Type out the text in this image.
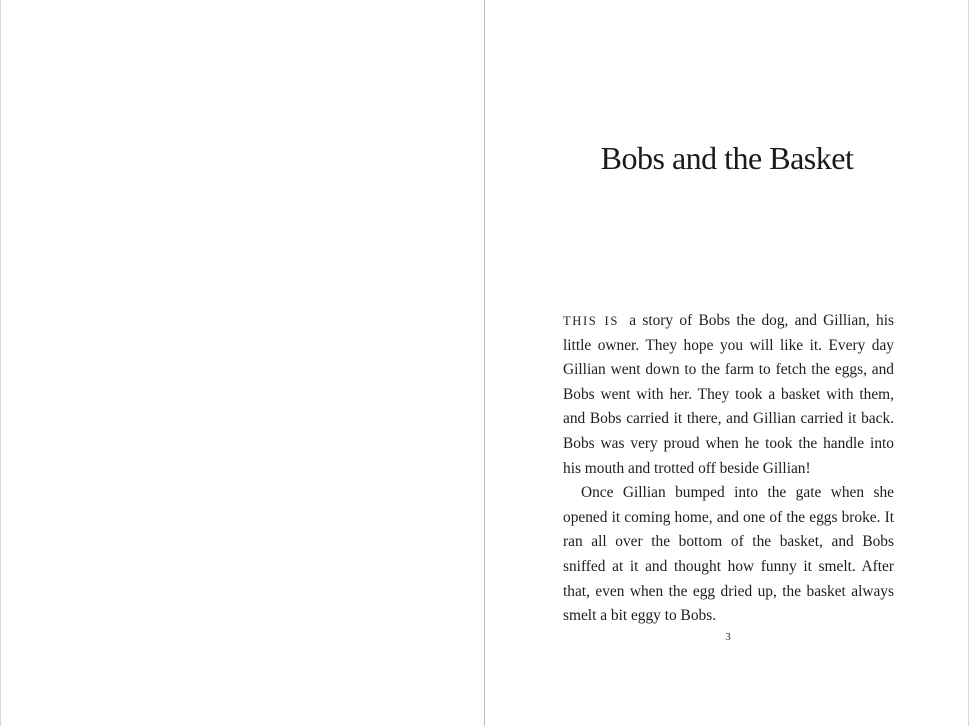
Bobs and the Basket

THIS IS a story of Bobs the dog, and Gillian, his little owner. They hope you will like it. Every day Gillian went down to the farm to fetch the eggs, and Bobs went with her. They took a basket with them, and Bobs carried it there, and Gillian carried it back. Bobs was very proud when he took the handle into his mouth and trotted off beside Gillian!

Once Gillian bumped into the gate when she opened it coming home, and one of the eggs broke. It ran all over the bottom of the basket, and Bobs sniffed at it and thought how funny it smelt. After that, even when the egg dried up, the basket always smelt a bit eggy to Bobs.

3
